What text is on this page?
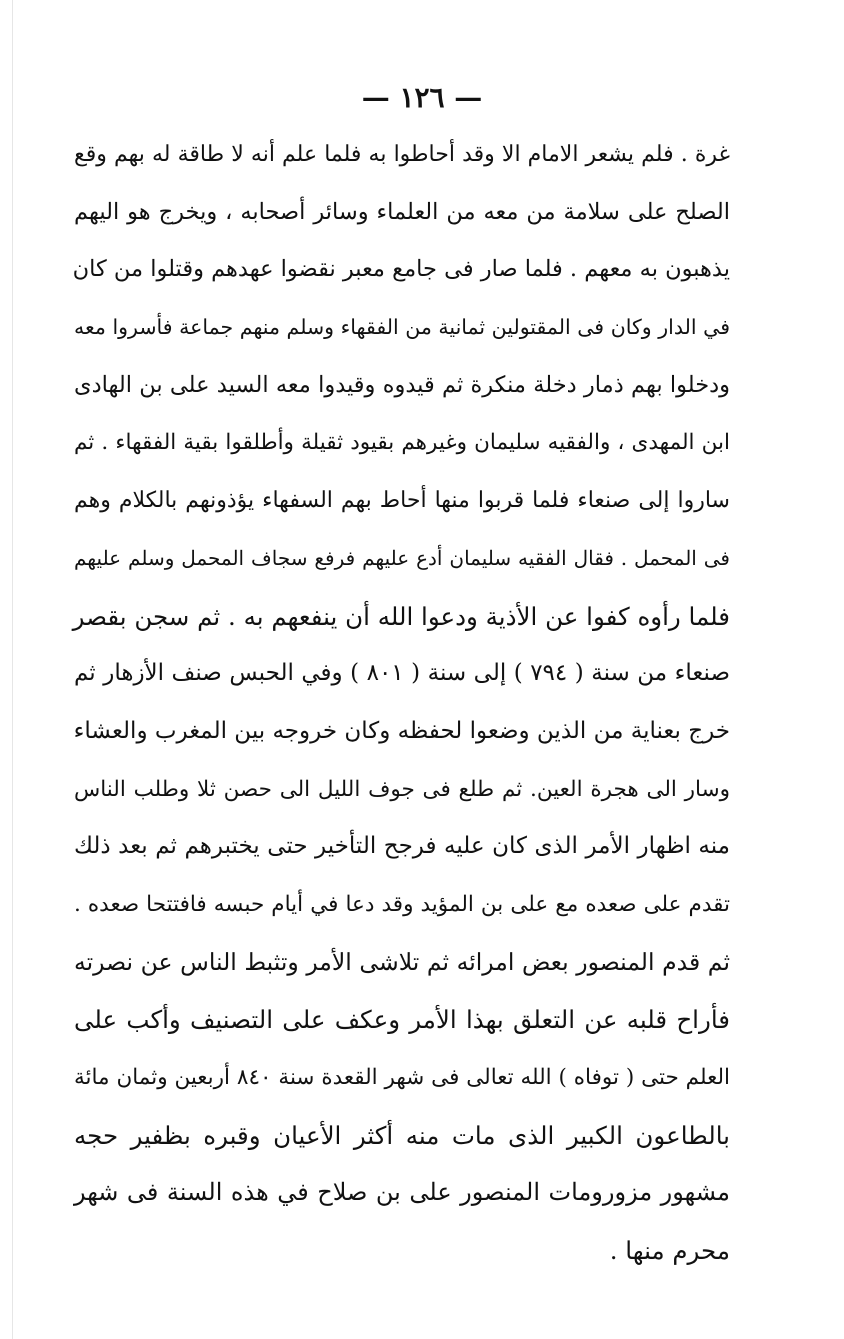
— ١٢٦ —
غرة . فلم يشعر الامام الا وقد أحاطوا به فلما علم أنه لا طاقة له بهم وقع
الصلح على سلامة من معه من العلماء وسائر أصحابه ، ويخرج هو اليهم
يذهبون به معهم . فلما صار فى جامع معبر نقضوا عهدهم وقتلوا من كان
في الدار وكان فى المقتولين ثمانية من الفقهاء وسلم منهم جماعة فأسروا معه
ودخلوا بهم ذمار دخلة منكرة ثم قيدوه وقيدوا معه السيد على بن الهادى
ابن المهدى ، والفقيه سليمان وغيرهم بقيود ثقيلة وأطلقوا بقية الفقهاء . ثم
ساروا إلى صنعاء فلما قربوا منها أحاط بهم السفهاء يؤذونهم بالكلام وهم
فى المحمل . فقال الفقيه سليمان أدع عليهم فرفع سجاف المحمل وسلم عليهم
فلما رأوه كفوا عن الأذية ودعوا الله أن ينفعهم به . ثم سجن بقصر
صنعاء من سنة ( ٧٩٤ ) إلى سنة ( ٨٠١ ) وفي الحبس صنف الأزهار ثم
خرج بعناية من الذين وضعوا لحفظه وكان خروجه بين المغرب والعشاء
وسار الى هجرة العين. ثم طلع فى جوف الليل الى حصن ثلا وطلب الناس
منه اظهار الأمر الذى كان عليه فرجح التأخير حتى يختبرهم ثم بعد ذلك
تقدم على صعده مع على بن المؤيد وقد دعا في أيام حبسه فافتتحا صعده .
ثم قدم المنصور بعض امرائه ثم تلاشى الأمر وتثبط الناس عن نصرته
فأراح قلبه عن التعلق بهذا الأمر وعكف على التصنيف وأكب على
العلم حتى ( توفاه ) الله تعالى فى شهر القعدة سنة ٨٤٠ أربعين وثمان مائة
بالطاعون الكبير الذى مات منه أكثر الأعيان وقبره بظفير حجه
مشهور مزورومات المنصور على بن صلاح في هذه السنة فى شهر
محرم منها .
